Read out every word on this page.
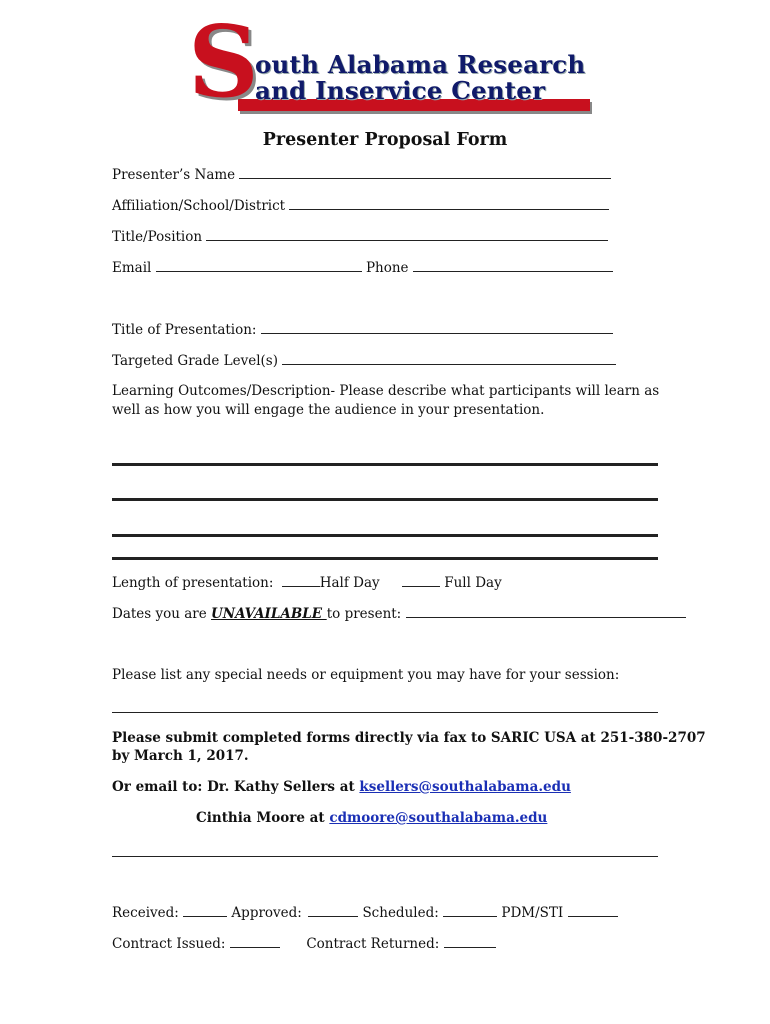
S
outh Alabama Research
and Inservice Center
Presenter Proposal Form
Presenter’s Name
Affiliation/School/District
Title/Position
Email	Phone
Title of Presentation:
Targeted Grade Level(s)
Learning Outcomes/Description- Please describe what participants will learn as
well as how you will engage the audience in your presentation.
Length of presentation:	Half Day	Full Day
Dates you are UNAVAILABLE to present:
Please list any special needs or equipment you may have for your session:
Please submit completed forms directly via fax to SARIC USA at 251-380-2707
by March 1, 2017.
Or email to: Dr. Kathy Sellers at ksellers@southalabama.edu
Cinthia Moore at cdmoore@southalabama.edu
Received:	Approved:	Scheduled:	PDM/STI
Contract Issued:	Contract Returned:
